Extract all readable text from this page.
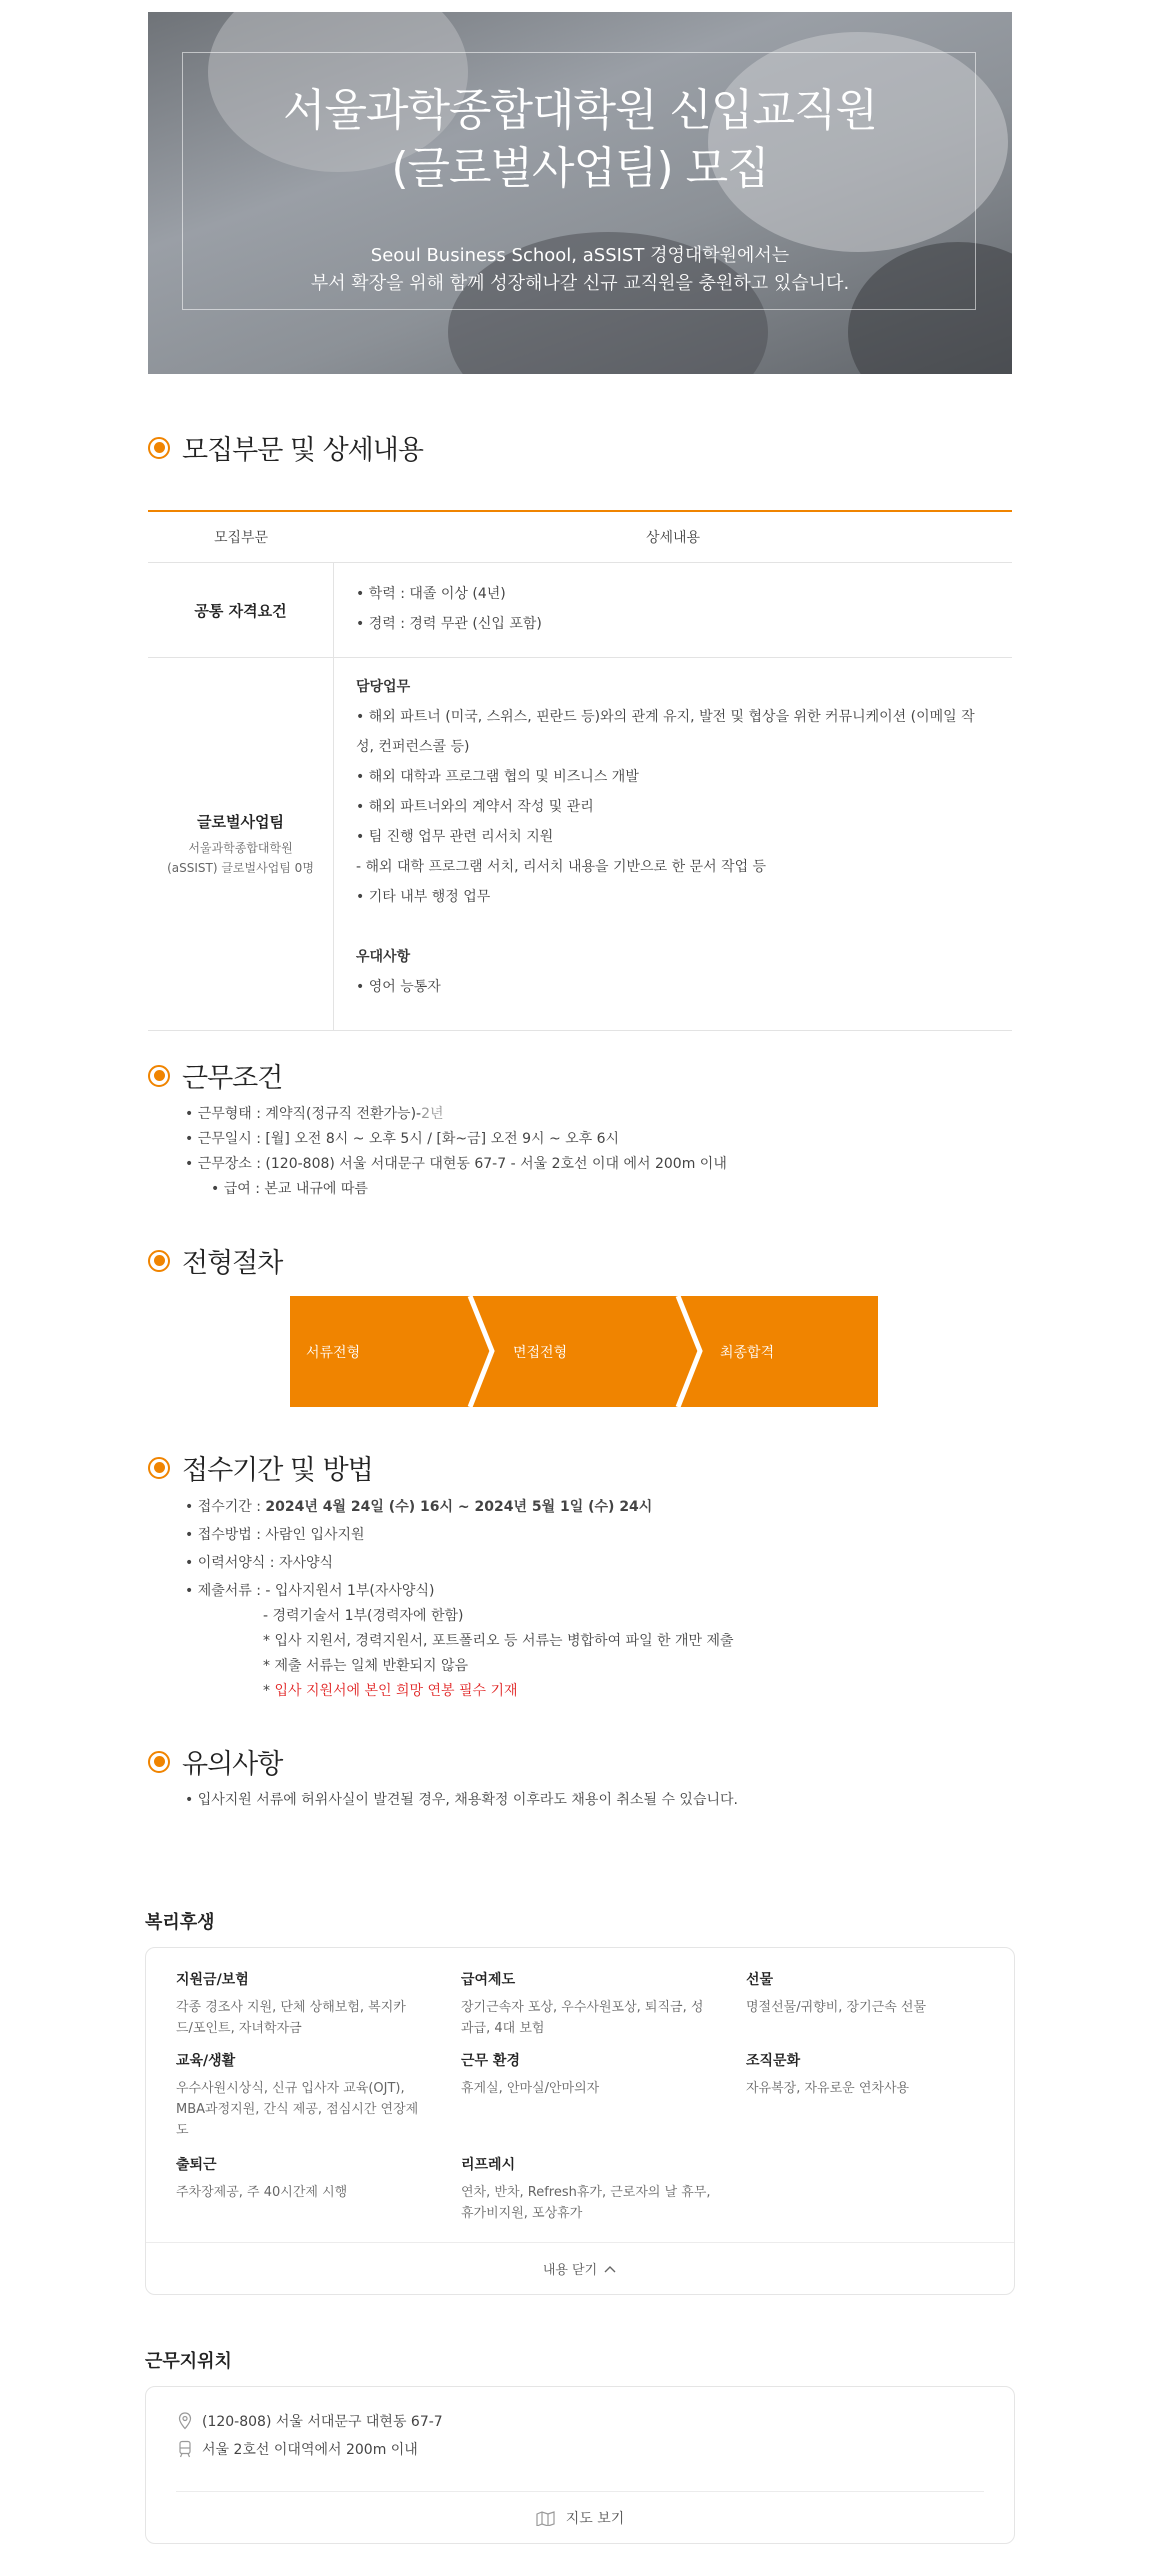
서울과학종합대학원 신입교직원
(글로벌사업팀) 모집
Seoul Business School, aSSIST 경영대학원에서는
부서 확장을 위해 함께 성장해나갈 신규 교직원을 충원하고 있습니다.
모집부문 및 상세내용
모집부문	상세내용
공통 자격요건
• 학력 : 대졸 이상 (4년)
• 경력 : 경력 무관 (신입 포함)
글로벌사업팀
서울과학종합대학원
(aSSIST) 글로벌사업팀 0명
담당업무
• 해외 파트너 (미국, 스위스, 핀란드 등)와의 관계 유지, 발전 및 협상을 위한 커뮤니케이션 (이메일 작
성, 컨퍼런스콜 등)
• 해외 대학과 프로그램 협의 및 비즈니스 개발
• 해외 파트너와의 계약서 작성 및 관리
• 팀 진행 업무 관련 리서치 지원
- 해외 대학 프로그램 서치, 리서치 내용을 기반으로 한 문서 작업 등
• 기타 내부 행정 업무
우대사항
• 영어 능통자
근무조건
• 근무형태 : 계약직(정규직 전환가능)-2년
• 근무일시 : [월] 오전 8시 ~ 오후 5시 / [화~금] 오전 9시 ~ 오후 6시
• 근무장소 : (120-808) 서울 서대문구 대현동 67-7 - 서울 2호선 이대 에서 200m 이내
• 급여 : 본교 내규에 따름
전형절차
서류전형	면접전형	최종합격
접수기간 및 방법
• 접수기간 : 2024년 4월 24일 (수) 16시 ~ 2024년 5월 1일 (수) 24시
• 접수방법 : 사람인 입사지원
• 이력서양식 : 자사양식
• 제출서류 : - 입사지원서 1부(자사양식)
- 경력기술서 1부(경력자에 한함)
* 입사 지원서, 경력지원서, 포트폴리오 등 서류는 병합하여 파일 한 개만 제출
* 제출 서류는 일체 반환되지 않음
* 입사 지원서에 본인 희망 연봉 필수 기재
유의사항
• 입사지원 서류에 허위사실이 발견될 경우, 채용확정 이후라도 채용이 취소될 수 있습니다.
복리후생
지원금/보험
각종 경조사 지원, 단체 상해보험, 복지카
드/포인트, 자녀학자금
급여제도
장기근속자 포상, 우수사원포상, 퇴직금, 성
과급, 4대 보험
선물
명절선물/귀향비, 장기근속 선물
교육/생활
우수사원시상식, 신규 입사자 교육(OJT),
MBA과정지원, 간식 제공, 점심시간 연장제
도
근무 환경
휴게실, 안마실/안마의자
조직문화
자유복장, 자유로운 연차사용
출퇴근
주차장제공, 주 40시간제 시행
리프레시
연차, 반차, Refresh휴가, 근로자의 날 휴무,
휴가비지원, 포상휴가
내용 닫기
근무지위치
(120-808) 서울 서대문구 대현동 67-7
서울 2호선 이대역에서 200m 이내
지도 보기
